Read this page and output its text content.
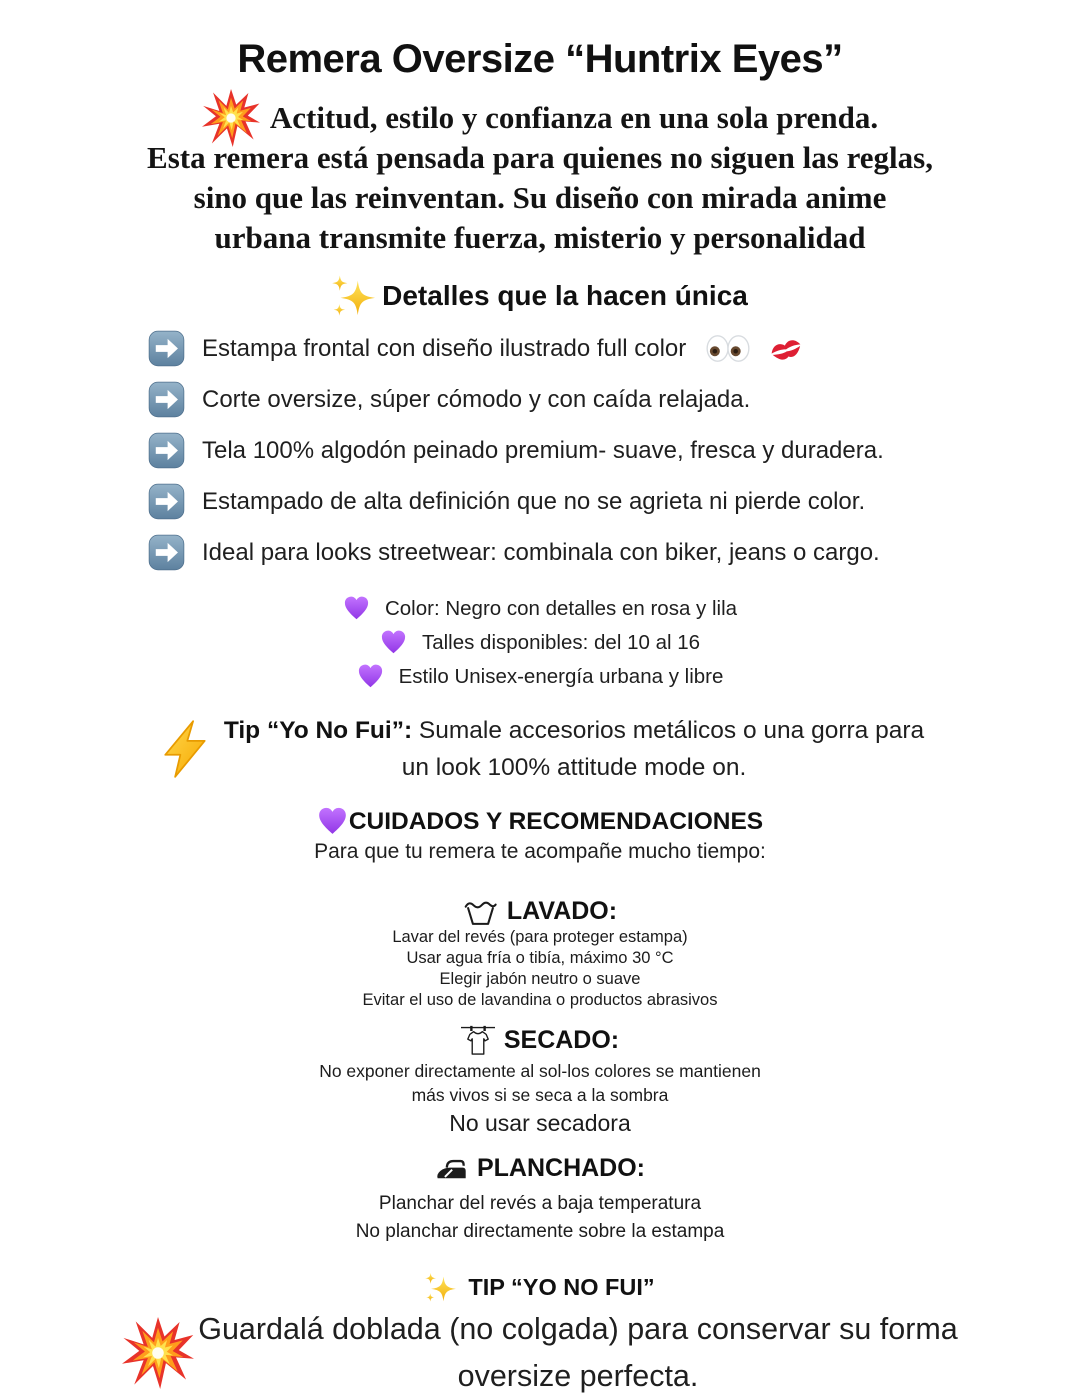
Remera Oversize “Huntrix Eyes”
Actitud, estilo y confianza en una sola prenda.
Esta remera está pensada para quienes no siguen las reglas,
sino que las reinventan. Su diseño con mirada anime
urbana transmite fuerza, misterio y personalidad
Detalles que la hacen única
Estampa frontal con diseño ilustrado full color
Corte oversize, súper cómodo y con caída relajada.
Tela 100% algodón peinado premium- suave, fresca y duradera.
Estampado de alta definición que no se agrieta ni pierde color.
Ideal para looks streetwear: combinala con biker, jeans o cargo.
Color: Negro con detalles en rosa y lila
Talles disponibles: del 10 al 16
Estilo Unisex-energía urbana y libre
Tip “Yo No Fui”: Sumale accesorios metálicos o una gorra para
un look 100% attitude mode on.
CUIDADOS Y RECOMENDACIONES
Para que tu remera te acompañe mucho tiempo:
LAVADO:
Lavar del revés (para proteger estampa)
Usar agua fría o tibía, máximo 30 °C
Elegir jabón neutro o suave
Evitar el uso de lavandina o productos abrasivos
SECADO:
No exponer directamente al sol-los colores se mantienen
más vivos si se seca a la sombra
No usar secadora
PLANCHADO:
Planchar del revés a baja temperatura
No planchar directamente sobre la estampa
TIP “YO NO FUI”
Guardalá doblada (no colgada) para conservar su forma
oversize perfecta.
